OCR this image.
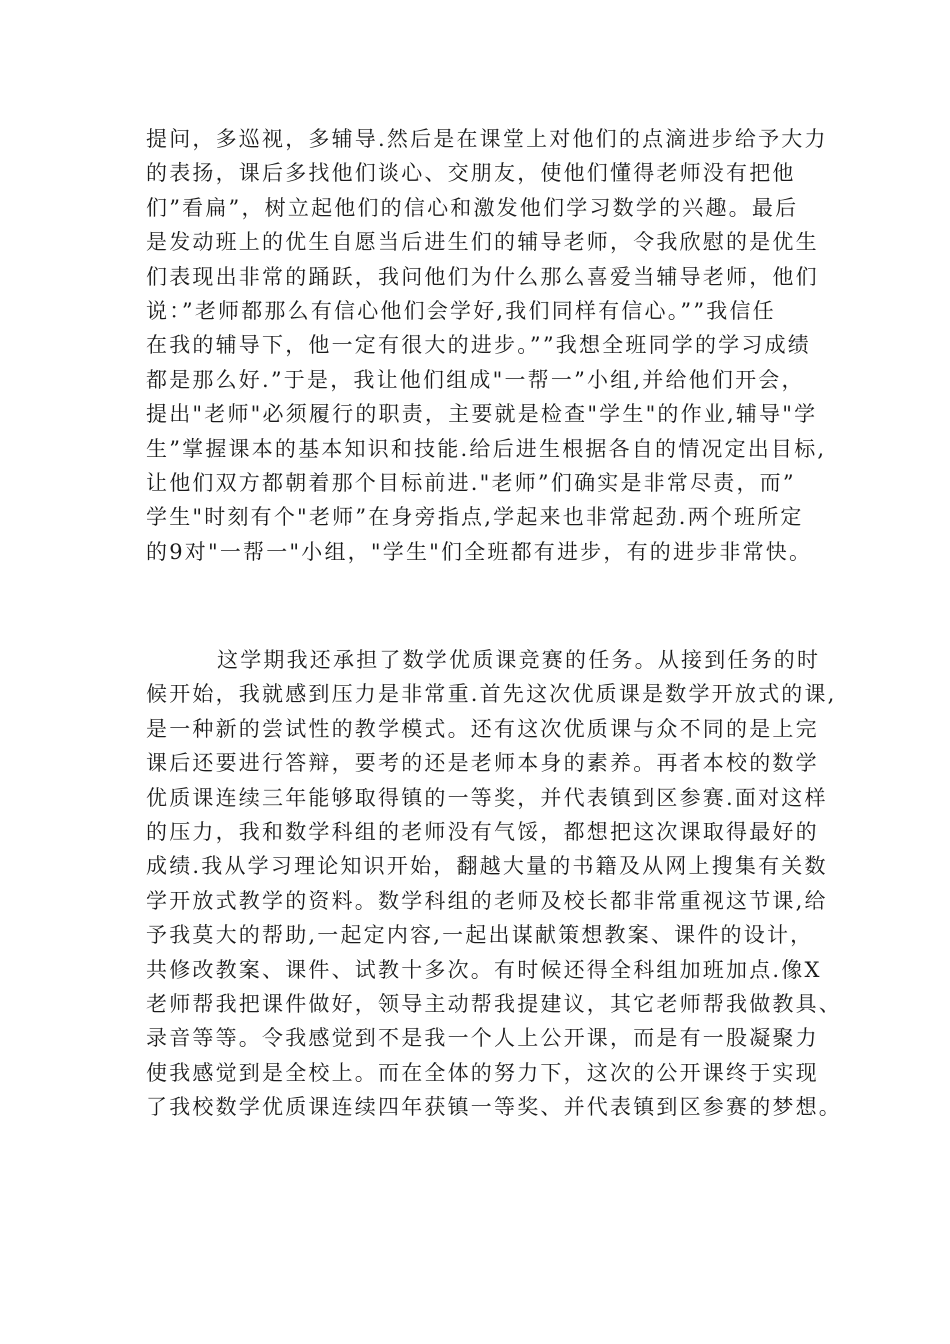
提问，多巡视，多辅导.然后是在课堂上对他们的点滴进步给予大力
的表扬，课后多找他们谈心、交朋友，使他们懂得老师没有把他
们”看扁”，树立起他们的信心和激发他们学习数学的兴趣。最后
是发动班上的优生自愿当后进生们的辅导老师，令我欣慰的是优生
们表现出非常的踊跃，我问他们为什么那么喜爱当辅导老师，他们
说：”老师都那么有信心他们会学好,我们同样有信心。””我信任
在我的辅导下，他一定有很大的进步。””我想全班同学的学习成绩
都是那么好.”于是，我让他们组成"一帮一”小组,并给他们开会，
提出"老师"必须履行的职责，主要就是检查"学生"的作业,辅导"学
生”掌握课本的基本知识和技能.给后进生根据各自的情况定出目标,
让他们双方都朝着那个目标前进."老师”们确实是非常尽责，而”
学生"时刻有个"老师”在身旁指点,学起来也非常起劲.两个班所定
的9对"一帮一"小组，"学生"们全班都有进步，有的进步非常快。
这学期我还承担了数学优质课竞赛的任务。从接到任务的时
候开始，我就感到压力是非常重.首先这次优质课是数学开放式的课,
是一种新的尝试性的教学模式。还有这次优质课与众不同的是上完
课后还要进行答辩，要考的还是老师本身的素养。再者本校的数学
优质课连续三年能够取得镇的一等奖，并代表镇到区参赛.面对这样
的压力，我和数学科组的老师没有气馁，都想把这次课取得最好的
成绩.我从学习理论知识开始，翻越大量的书籍及从网上搜集有关数
学开放式教学的资料。数学科组的老师及校长都非常重视这节课,给
予我莫大的帮助,一起定内容,一起出谋献策想教案、课件的设计，
共修改教案、课件、试教十多次。有时候还得全科组加班加点.像X
老师帮我把课件做好，领导主动帮我提建议，其它老师帮我做教具、
录音等等。令我感觉到不是我一个人上公开课，而是有一股凝聚力
使我感觉到是全校上。而在全体的努力下，这次的公开课终于实现
了我校数学优质课连续四年获镇一等奖、并代表镇到区参赛的梦想。
